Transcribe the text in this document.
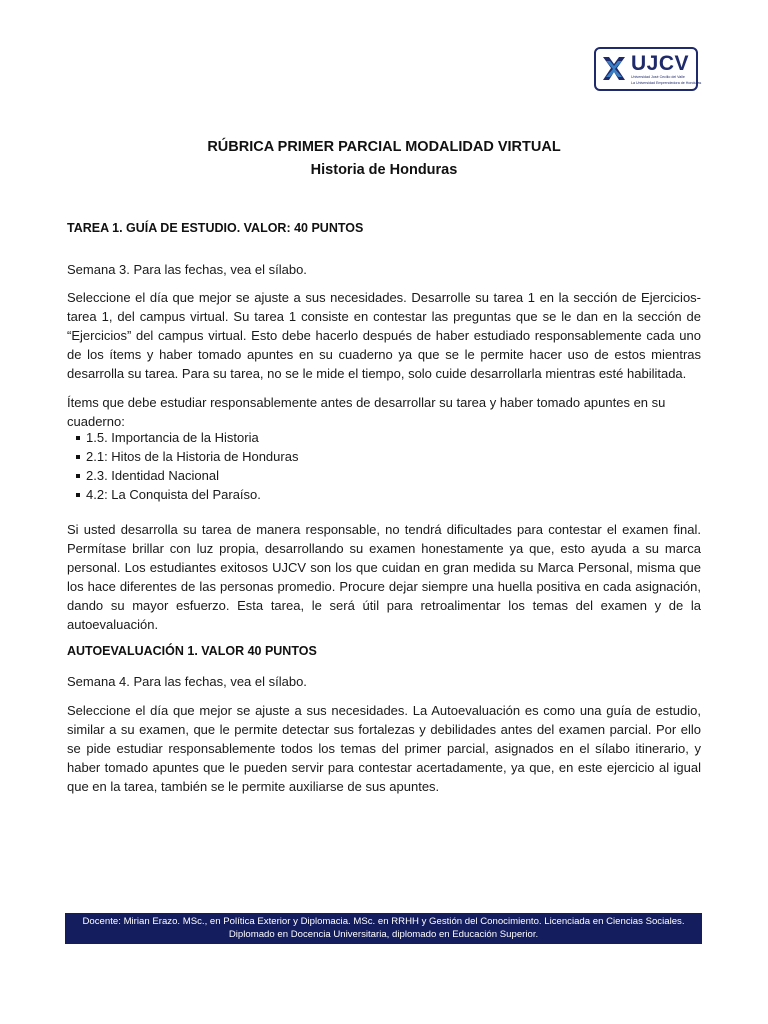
UJCV
Universidad José Cecilio del Valle
La Universidad Emprendedora de Honduras
RÚBRICA PRIMER PARCIAL MODALIDAD VIRTUAL
Historia de Honduras
TAREA 1. GUÍA DE ESTUDIO. VALOR: 40 PUNTOS

Semana 3. Para las fechas, vea el sílabo.

Seleccione el día que mejor se ajuste a sus necesidades. Desarrolle su tarea 1 en la sección de Ejercicios-tarea 1, del campus virtual. Su tarea 1 consiste en contestar las preguntas que se le dan en la sección de “Ejercicios” del campus virtual. Esto debe hacerlo después de haber estudiado responsablemente cada uno de los ítems y haber tomado apuntes en su cuaderno ya que se le permite hacer uso de estos mientras desarrolla su tarea. Para su tarea, no se le mide el tiempo, solo cuide desarrollarla mientras esté habilitada.

Ítems que debe estudiar responsablemente antes de desarrollar su tarea y haber tomado apuntes en su cuaderno:

1.5. Importancia de la Historia
2.1: Hitos de la Historia de Honduras
2.3. Identidad Nacional
4.2: La Conquista del Paraíso.

Si usted desarrolla su tarea de manera responsable, no tendrá dificultades para contestar el examen final. Permítase brillar con luz propia, desarrollando su examen honestamente ya que, esto ayuda a su marca personal. Los estudiantes exitosos UJCV son los que cuidan en gran medida su Marca Personal, misma que los hace diferentes de las personas promedio. Procure dejar siempre una huella positiva en cada asignación, dando su mayor esfuerzo. Esta tarea, le será útil para retroalimentar los temas del examen y de la autoevaluación.

AUTOEVALUACIÓN 1. VALOR 40 PUNTOS

Semana 4. Para las fechas, vea el sílabo.

Seleccione el día que mejor se ajuste a sus necesidades. La Autoevaluación es como una guía de estudio, similar a su examen, que le permite detectar sus fortalezas y debilidades antes del examen parcial. Por ello se pide estudiar responsablemente todos los temas del primer parcial, asignados en el sílabo itinerario, y haber tomado apuntes que le pueden servir para contestar acertadamente, ya que, en este ejercicio al igual que en la tarea, también se le permite auxiliarse de sus apuntes.

Docente: Mirian Erazo. MSc., en Política Exterior y Diplomacia. MSc. en RRHH y Gestión del Conocimiento. Licenciada en Ciencias Sociales.
Diplomado en Docencia Universitaria, diplomado en Educación Superior.
